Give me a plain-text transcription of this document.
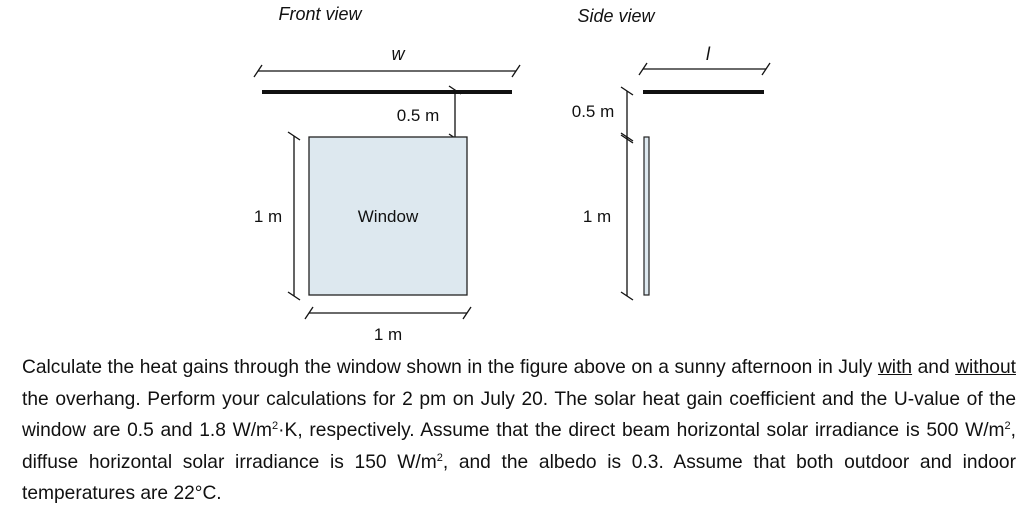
Front view	Side view
w
0.5 m
Window
1 m
1 m
l
0.5 m
1 m
Calculate the heat gains through the window shown in the figure above on a sunny afternoon in July with and without the overhang. Perform your calculations for 2 pm on July 20. The solar heat gain coefficient and the U-value of the window are 0.5 and 1.8 $W/m^2\cdot K$, respectively. Assume that the direct beam horizontal solar irradiance is 500 $W/m^2$, diffuse horizontal solar irradiance is 150 $W/m^2$, and the albedo is 0.3. Assume that both outdoor and indoor temperatures are 22°C.
